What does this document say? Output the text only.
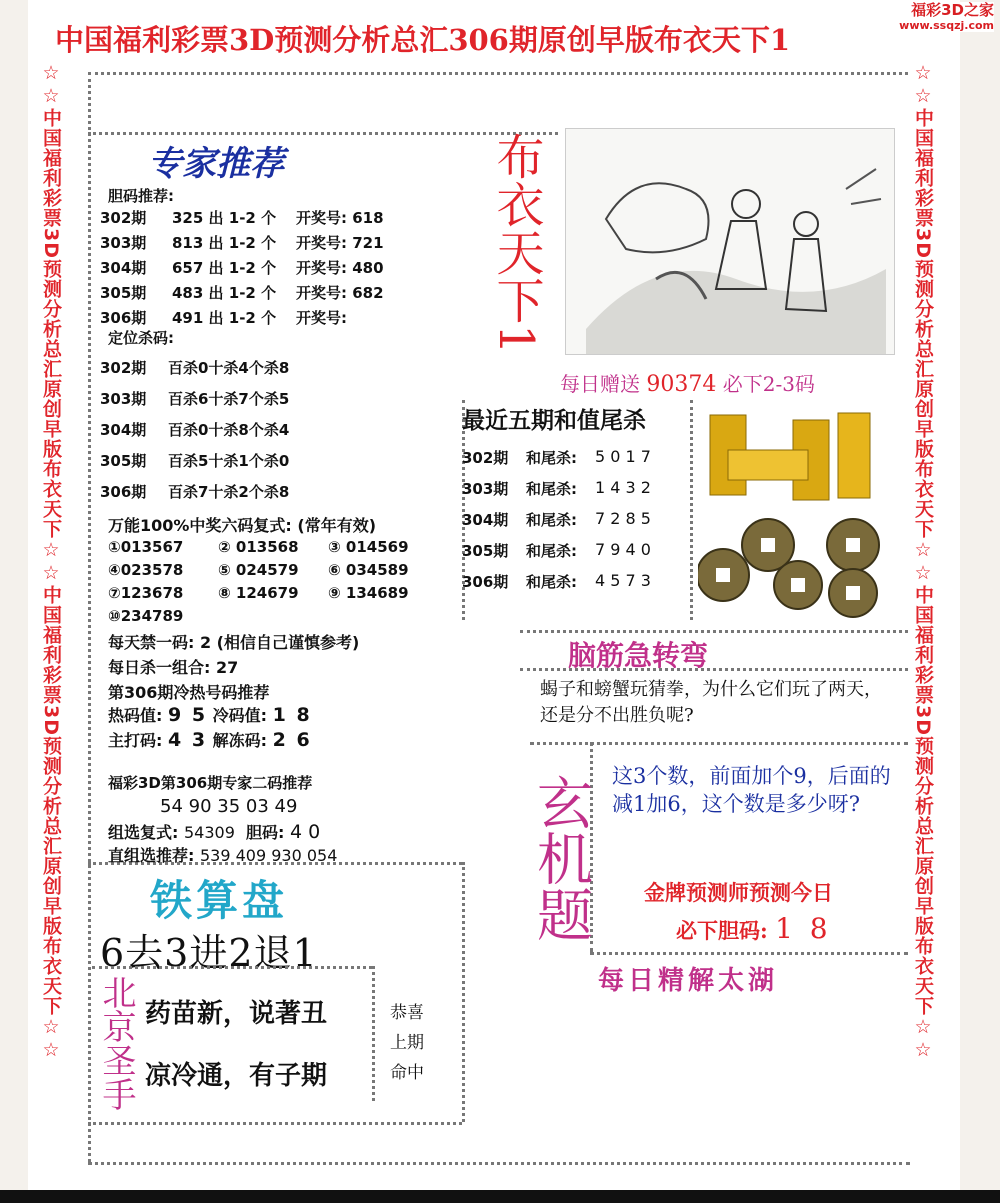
中国福利彩票3D预测分析总汇306期原创早版布衣天下1
福彩3D之家
www.ssqzj.com
☆☆中国福利彩票3D预测分析总汇原创早版布衣天下☆☆中国福利彩票3D预测分析总汇原创早版布衣天下☆☆	☆☆中国福利彩票3D预测分析总汇原创早版布衣天下☆☆中国福利彩票3D预测分析总汇原创早版布衣天下☆☆
专家推荐
胆码推荐:
302期 325 出 1-2 个 开奖号: 618
303期 813 出 1-2 个 开奖号: 721
304期 657 出 1-2 个 开奖号: 480
305期 483 出 1-2 个 开奖号: 682
306期 491 出 1-2 个 开奖号:
定位杀码:
302期 百杀0十杀4个杀8
303期 百杀6十杀7个杀5
304期 百杀0十杀8个杀4
305期 百杀5十杀1个杀0
306期 百杀7十杀2个杀8
万能100%中奖六码复式: (常年有效)
①013567 ② 013568 ③ 014569
④023578 ⑤ 024579 ⑥ 034589
⑦123678 ⑧ 124679 ⑨ 134689
⑩234789
每天禁一码: 2 (相信自己谨慎参考)
每日杀一组合: 27
第306期冷热号码推荐
热码值: 9 5 冷码值: 1 8
主打码: 4 3 解冻码: 2 6
福彩3D第306期专家二码推荐
54 90 35 03 49
组选复式: 54309 胆码: 4 0
直组选推荐: 539 409 930 054
布衣天下1
每日赠送 90374 必下2-3码
最近五期和值尾杀
302期 和尾杀: 5 0 1 7
303期 和尾杀: 1 4 3 2
304期 和尾杀: 7 2 8 5
305期 和尾杀: 7 9 4 0
306期 和尾杀: 4 5 7 3
脑筋急转弯
蝎子和螃蟹玩猜拳，为什么它们玩了两天，还是分不出胜负呢?
玄机题 这3个数，前面加个9，后面的减1加6，这个数是多少呀?
金牌预测师预测今日
必下胆码: 1 8
每日精解太湖
铁算盘
6去3进2退1
北京圣手 药苗新，说著丑
凉冷通，有子期
恭喜
上期
命中
